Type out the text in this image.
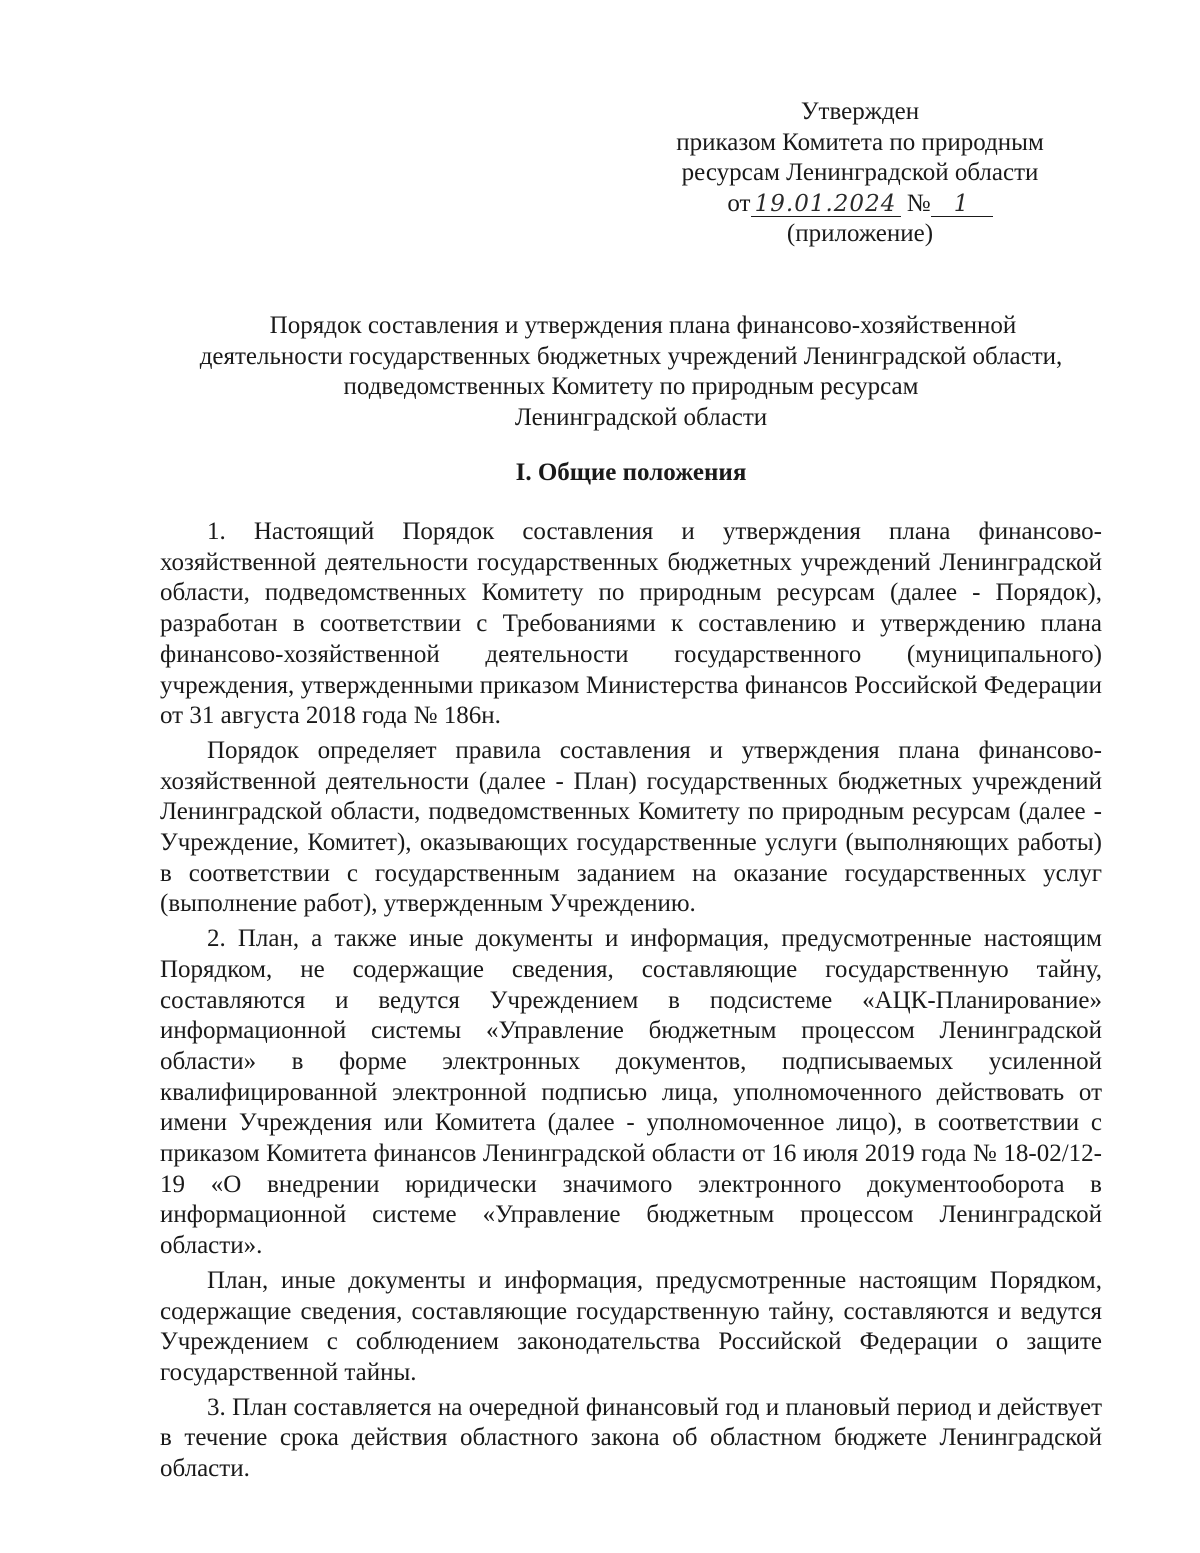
Утвержден
приказом Комитета по природным
ресурсам Ленинградской области
от 19.01.2024 № 1
(приложение)
Порядок составления и утверждения плана финансово-хозяйственной
деятельности государственных бюджетных учреждений Ленинградской области,
подведомственных Комитету по природным ресурсам
Ленинградской области
I. Общие положения

1. Настоящий Порядок составления и утверждения плана финансово-хозяйственной деятельности государственных бюджетных учреждений Ленинградской области, подведомственных Комитету по природным ресурсам (далее - Порядок), разработан в соответствии с Требованиями к составлению и утверждению плана финансово-хозяйственной деятельности государственного (муниципального) учреждения, утвержденными приказом Министерства финансов Российской Федерации от 31 августа 2018 года № 186н.

Порядок определяет правила составления и утверждения плана финансово-хозяйственной деятельности (далее - План) государственных бюджетных учреждений Ленинградской области, подведомственных Комитету по природным ресурсам (далее - Учреждение, Комитет), оказывающих государственные услуги (выполняющих работы) в соответствии с государственным заданием на оказание государственных услуг (выполнение работ), утвержденным Учреждению.

2. План, а также иные документы и информация, предусмотренные настоящим Порядком, не содержащие сведения, составляющие государственную тайну, составляются и ведутся Учреждением в подсистеме «АЦК-Планирование» информационной системы «Управление бюджетным процессом Ленинградской области» в форме электронных документов, подписываемых усиленной квалифицированной электронной подписью лица, уполномоченного действовать от имени Учреждения или Комитета (далее - уполномоченное лицо), в соответствии с приказом Комитета финансов Ленинградской области от 16 июля 2019 года № 18-02/12-19 «О внедрении юридически значимого электронного документооборота в информационной системе «Управление бюджетным процессом Ленинградской области».

План, иные документы и информация, предусмотренные настоящим Порядком, содержащие сведения, составляющие государственную тайну, составляются и ведутся Учреждением с соблюдением законодательства Российской Федерации о защите государственной тайны.

3. План составляется на очередной финансовый год и плановый период и действует в течение срока действия областного закона об областном бюджете Ленинградской области.
